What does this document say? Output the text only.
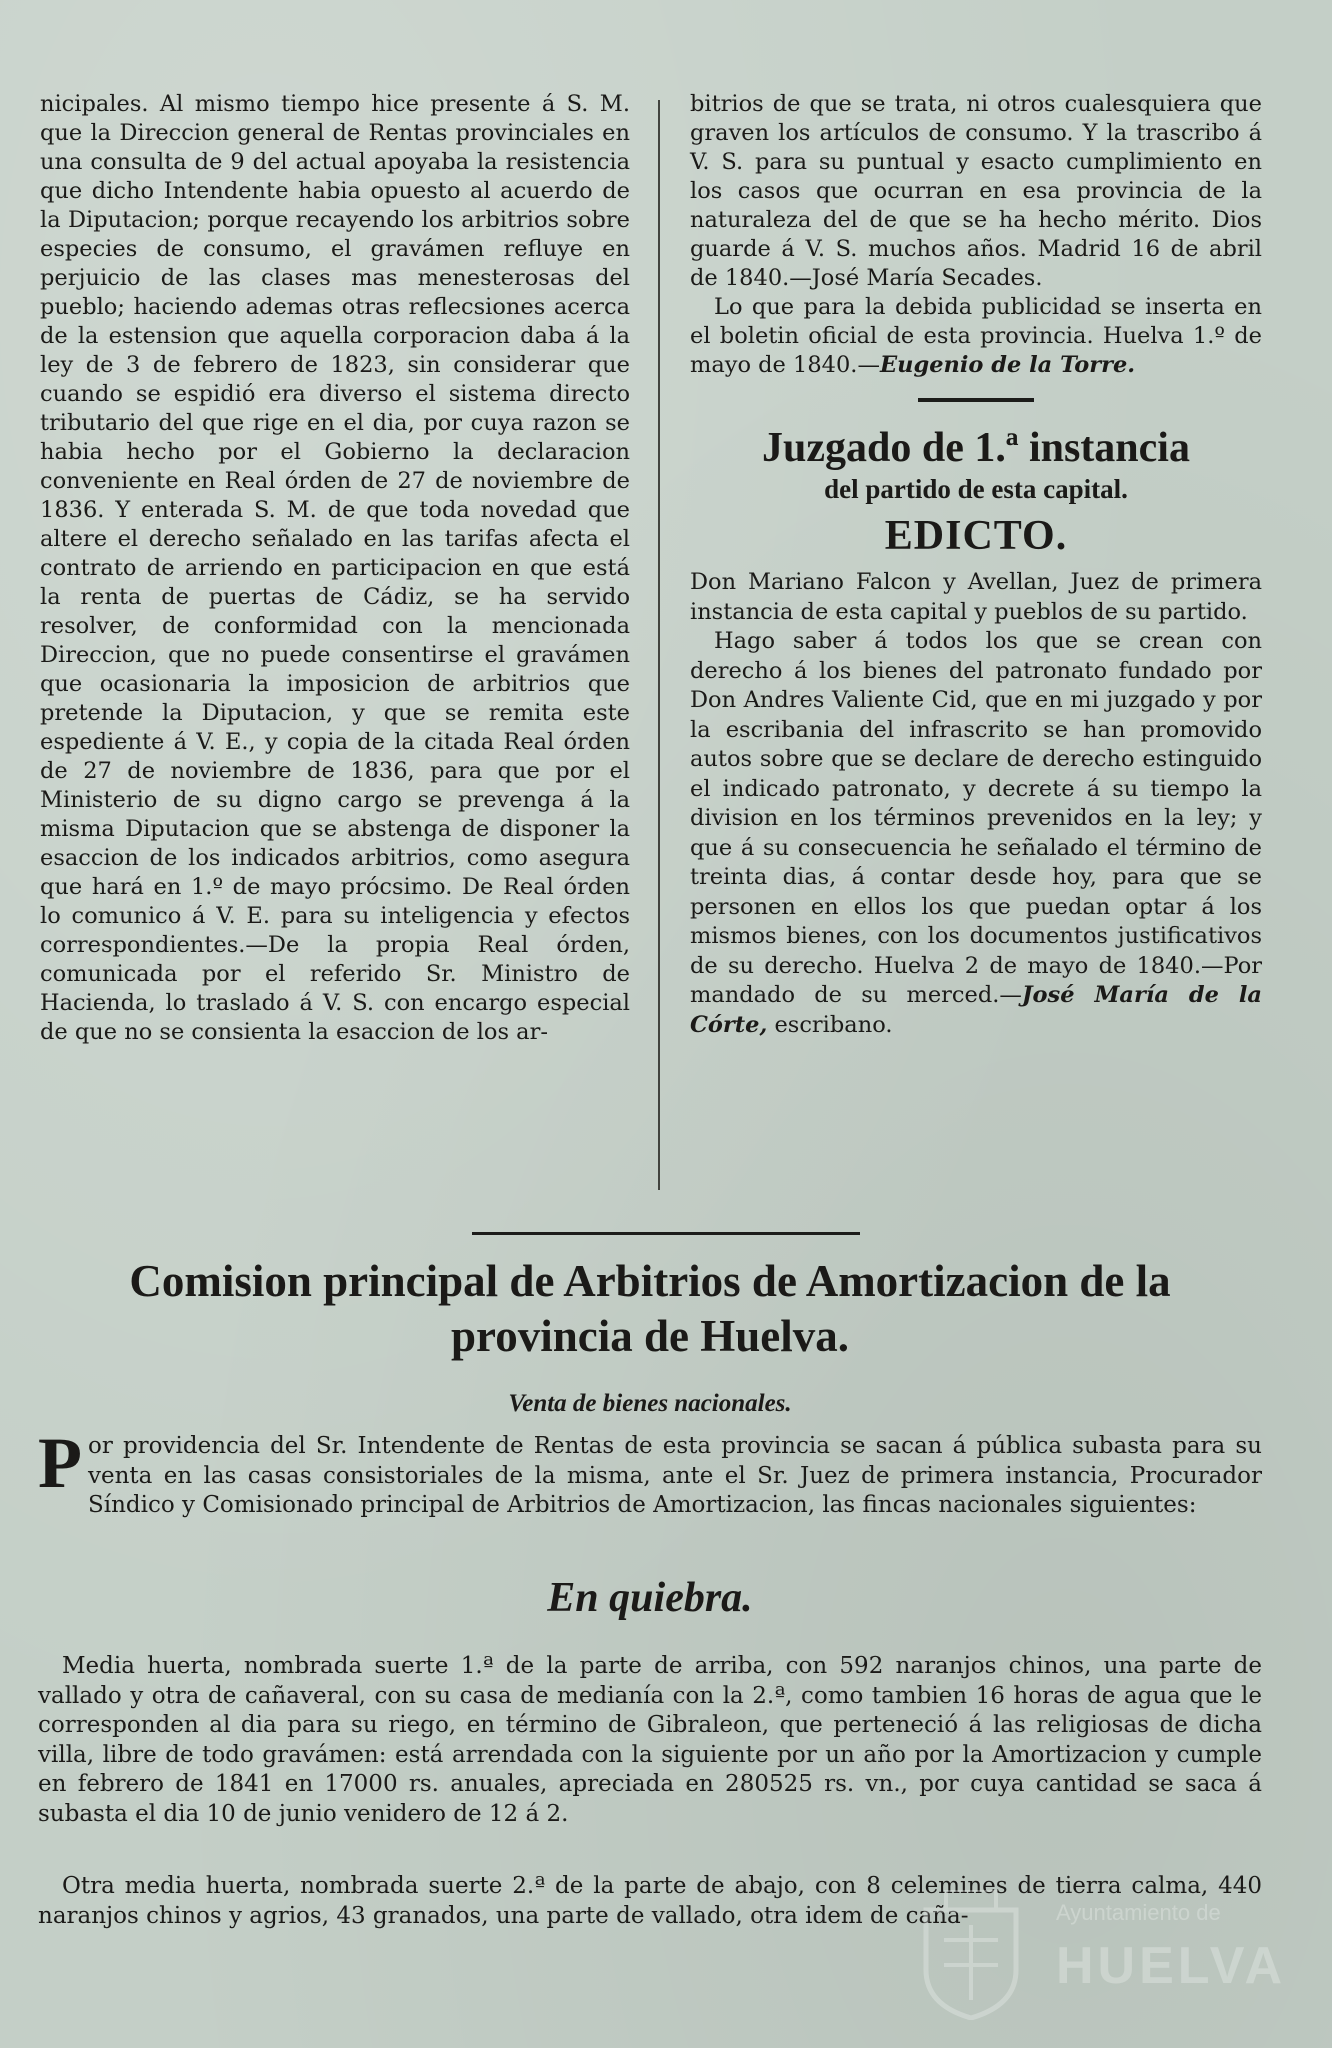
nicipales. Al mismo tiempo hice presente á S. M. que la Direccion general de Rentas provinciales en una consulta de 9 del actual apoyaba la resistencia que dicho Intendente habia opuesto al acuerdo de la Diputacion; porque recayendo los arbitrios sobre especies de consumo, el gravámen refluye en perjuicio de las clases mas menesterosas del pueblo; haciendo ademas otras reflecsiones acerca de la estension que aquella corporacion daba á la ley de 3 de febrero de 1823, sin considerar que cuando se espidió era diverso el sistema directo tributario del que rige en el dia, por cuya razon se habia hecho por el Gobierno la declaracion conveniente en Real órden de 27 de noviembre de 1836. Y enterada S. M. de que toda novedad que altere el derecho señalado en las tarifas afecta el contrato de arriendo en participacion en que está la renta de puertas de Cádiz, se ha servido resolver, de conformidad con la mencionada Direccion, que no puede consentirse el gravámen que ocasionaria la imposicion de arbitrios que pretende la Diputacion, y que se remita este espediente á V. E., y copia de la citada Real órden de 27 de noviembre de 1836, para que por el Ministerio de su digno cargo se prevenga á la misma Diputacion que se abstenga de disponer la esaccion de los indicados arbitrios, como asegura que hará en 1.º de mayo prócsimo. De Real órden lo comunico á V. E. para su inteligencia y efectos correspondientes.—De la propia Real órden, comunicada por el referido Sr. Ministro de Hacienda, lo traslado á V. S. con encargo especial de que no se consienta la esaccion de los ar-

bitrios de que se trata, ni otros cualesquiera que graven los artículos de consumo. Y la trascribo á V. S. para su puntual y esacto cumplimiento en los casos que ocurran en esa provincia de la naturaleza del de que se ha hecho mérito. Dios guarde á V. S. muchos años. Madrid 16 de abril de 1840.—José María Secades.

Lo que para la debida publicidad se inserta en el boletin oficial de esta provincia. Huelva 1.º de mayo de 1840.—Eugenio de la Torre.

Juzgado de 1.ª instancia
del partido de esta capital.
EDICTO.

Don Mariano Falcon y Avellan, Juez de primera instancia de esta capital y pueblos de su partido.

Hago saber á todos los que se crean con derecho á los bienes del patronato fundado por Don Andres Valiente Cid, que en mi juzgado y por la escribania del infrascrito se han promovido autos sobre que se declare de derecho estinguido el indicado patronato, y decrete á su tiempo la division en los términos prevenidos en la ley; y que á su consecuencia he señalado el término de treinta dias, á contar desde hoy, para que se personen en ellos los que puedan optar á los mismos bienes, con los documentos justificativos de su derecho. Huelva 2 de mayo de 1840.—Por mandado de su merced.—José María de la Córte, escribano.

Comision principal de Arbitrios de Amortizacion de la provincia de Huelva.
Venta de bienes nacionales.

Por providencia del Sr. Intendente de Rentas de esta provincia se sacan á pública subasta para su venta en las casas consistoriales de la misma, ante el Sr. Juez de primera instancia, Procurador Síndico y Comisionado principal de Arbitrios de Amortizacion, las fincas nacionales siguientes:

En quiebra.

Media huerta, nombrada suerte 1.ª de la parte de arriba, con 592 naranjos chinos, una parte de vallado y otra de cañaveral, con su casa de medianía con la 2.ª, como tambien 16 horas de agua que le corresponden al dia para su riego, en término de Gibraleon, que perteneció á las religiosas de dicha villa, libre de todo gravámen: está arrendada con la siguiente por un año por la Amortizacion y cumple en febrero de 1841 en 17000 rs. anuales, apreciada en 280525 rs. vn., por cuya cantidad se saca á subasta el dia 10 de junio venidero de 12 á 2.

Otra media huerta, nombrada suerte 2.ª de la parte de abajo, con 8 celemines de tierra calma, 440 naranjos chinos y agrios, 43 granados, una parte de vallado, otra idem de caña-	Ayuntamiento de
HUELVA
